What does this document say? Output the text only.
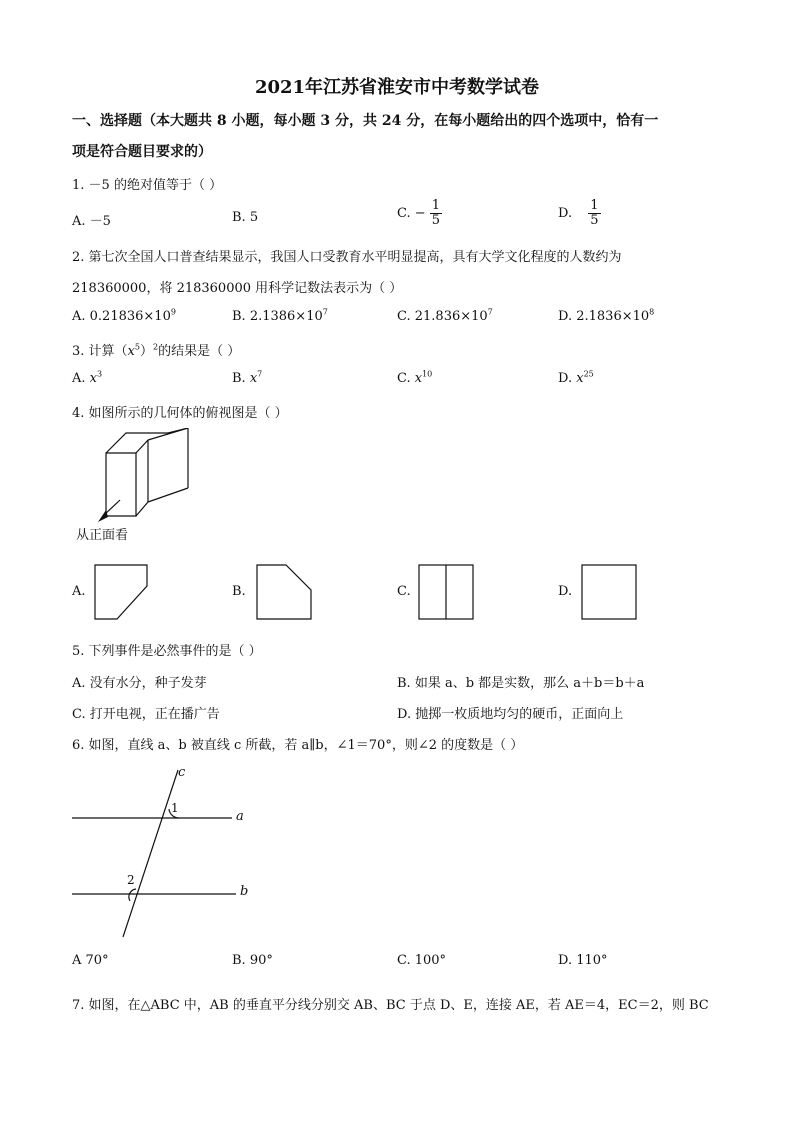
2021年江苏省淮安市中考数学试卷
一、选择题（本大题共 8 小题，每小题 3 分，共 24 分，在每小题给出的四个选项中，恰有一
项是符合题目要求的）
1. －5 的绝对值等于（ ）
A. －5	B. 5	C. − $\frac{1}{5}$	D. $\frac{1}{5}$
2. 第七次全国人口普查结果显示，我国人口受教育水平明显提高，具有大学文化程度的人数约为
218360000，将 218360000 用科学记数法表示为（ ）
A. $0.21836\times 10^9$	B. $2.1386\times 10^7$	C. $21.836\times 10^7$	D. $2.1836\times 10^8$
3. 计算$(x^5)^2$的结果是（ ）
A. $x^3$	B. $x^7$	C. $x^{10}$	D. $x^{25}$
4. 如图所示的几何体的俯视图是（ ）
从正面看
A.	B.	C.	D.
5. 下列事件是必然事件的是（ ）
A. 没有水分，种子发芽	B. 如果 a、b 都是实数，那么 a＋b＝b＋a
C. 打开电视，正在播广告	D. 抛掷一枚质地均匀的硬币，正面向上
6. 如图，直线 a、b 被直线 c 所截，若 a∥b，∠1＝70°，则∠2 的度数是（ ）
c
a
b
1
2
A 70°	B. 90°	C. 100°	D. 110°
7. 如图，在△ABC 中，AB 的垂直平分线分别交 AB、BC 于点 D、E，连接 AE，若 AE＝4，EC＝2，则 BC
